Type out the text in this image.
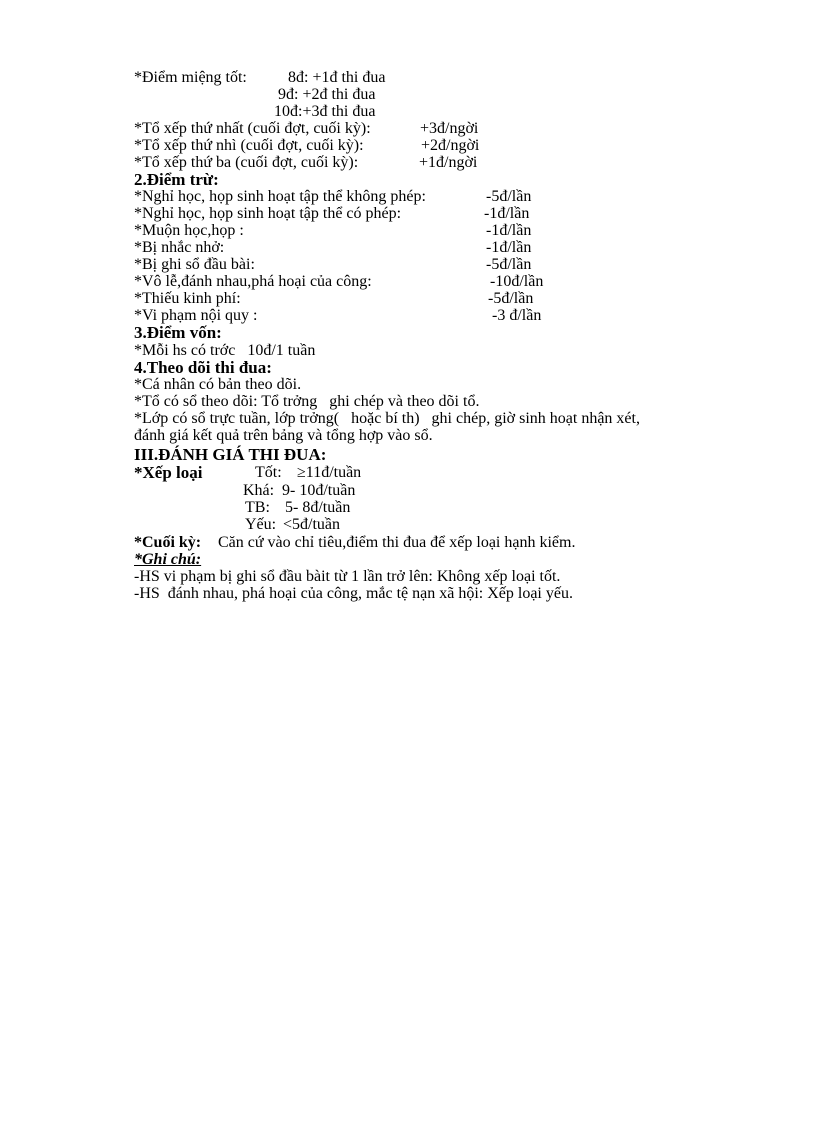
*Điểm miệng tốt:	8đ: +1đ thi đua
9đ: +2đ thi đua
10đ:+3đ thi đua
*Tổ xếp thứ nhất (cuối đợt, cuối kỳ):	+3đ/ngời
*Tổ xếp thứ nhì (cuối đợt, cuối kỳ):	+2đ/ngời
*Tổ xếp thứ ba (cuối đợt, cuối kỳ):	+1đ/ngời
2.Điểm trừ:
*Nghỉ học, họp sinh hoạt tập thể không phép:	-5đ/lần
*Nghỉ học, họp sinh hoạt tập thể có phép:	-1đ/lần
*Muộn học,họp :	-1đ/lần
*Bị nhắc nhở:	-1đ/lần
*Bị ghi sổ đầu bài:	-5đ/lần
*Vô lễ,đánh nhau,phá hoại của công:	-10đ/lần
*Thiếu kinh phí:	-5đ/lần
*Vi phạm nội quy :	-3 đ/lần
3.Điểm vốn:
*Mỗi hs có trớc   10đ/1 tuần
4.Theo dõi thi đua:
*Cá nhân có bản theo dõi.
*Tổ có sổ theo dõi: Tổ trởng   ghi chép và theo dõi tổ.
*Lớp có sổ trực tuần, lớp trởng(   hoặc bí th)   ghi chép, giờ sinh hoạt nhận xét,
đánh giá kết quả trên bảng và tổng hợp vào sổ.
III.ĐÁNH GIÁ THI ĐUA:
*Xếp loại	Tốt: ≥11đ/tuần
Khá: 9- 10đ/tuần
TB: 5- 8đ/tuần
Yếu: <5đ/tuần
*Cuối kỳ: Căn cứ vào chỉ tiêu,điểm thi đua để xếp loại hạnh kiểm.
*Ghi chú:
-HS vi phạm bị ghi sổ đầu bàit từ 1 lần trở lên: Không xếp loại tốt.
-HS  đánh nhau, phá hoại của công, mắc tệ nạn xã hội: Xếp loại yếu.
